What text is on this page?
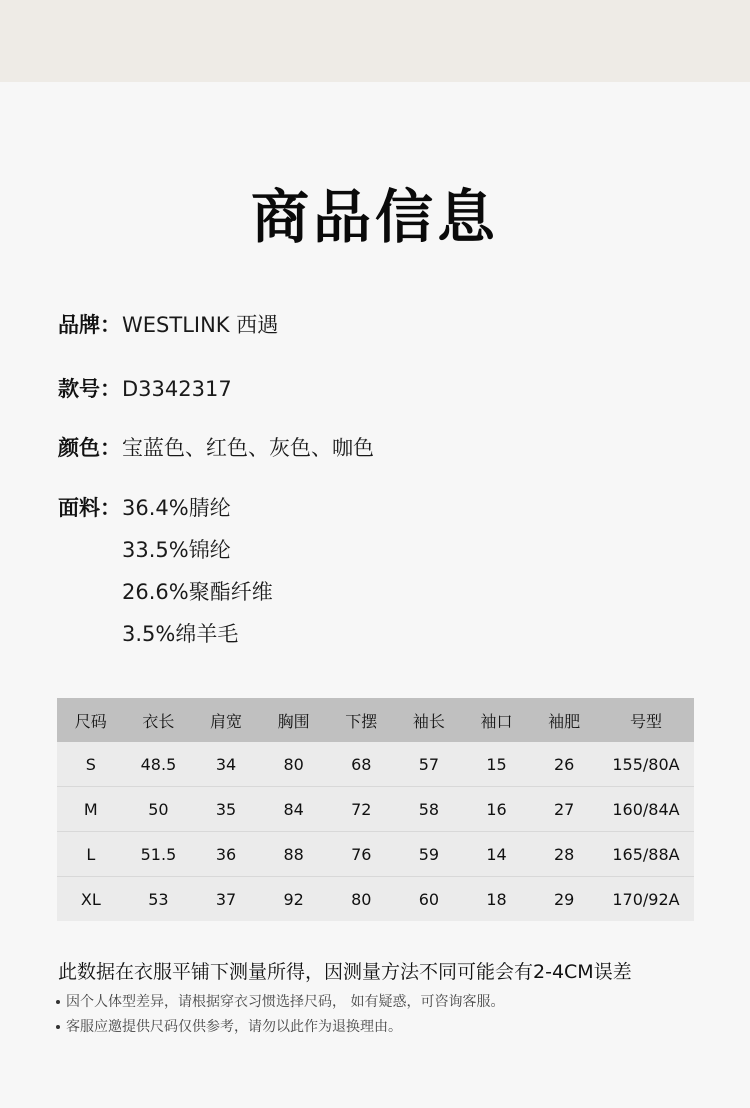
商品信息
品牌： WESTLINK 西遇
款号： D3342317
颜色： 宝蓝色、红色、灰色、咖色
面料： 36.4%腈纶
33.5%锦纶
26.6%聚酯纤维
3.5%绵羊毛
尺码	衣长	肩宽	胸围	下摆	袖长	袖口	袖肥	号型
S	48.5	34	80	68	57	15	26	155/80A
M	50	35	84	72	58	16	27	160/84A
L	51.5	36	88	76	59	14	28	165/88A
XL	53	37	92	80	60	18	29	170/92A
此数据在衣服平铺下测量所得，因测量方法不同可能会有2-4CM误差
因个人体型差异，请根据穿衣习惯选择尺码， 如有疑惑，可咨询客服。
客服应邀提供尺码仅供参考，请勿以此作为退换理由。
